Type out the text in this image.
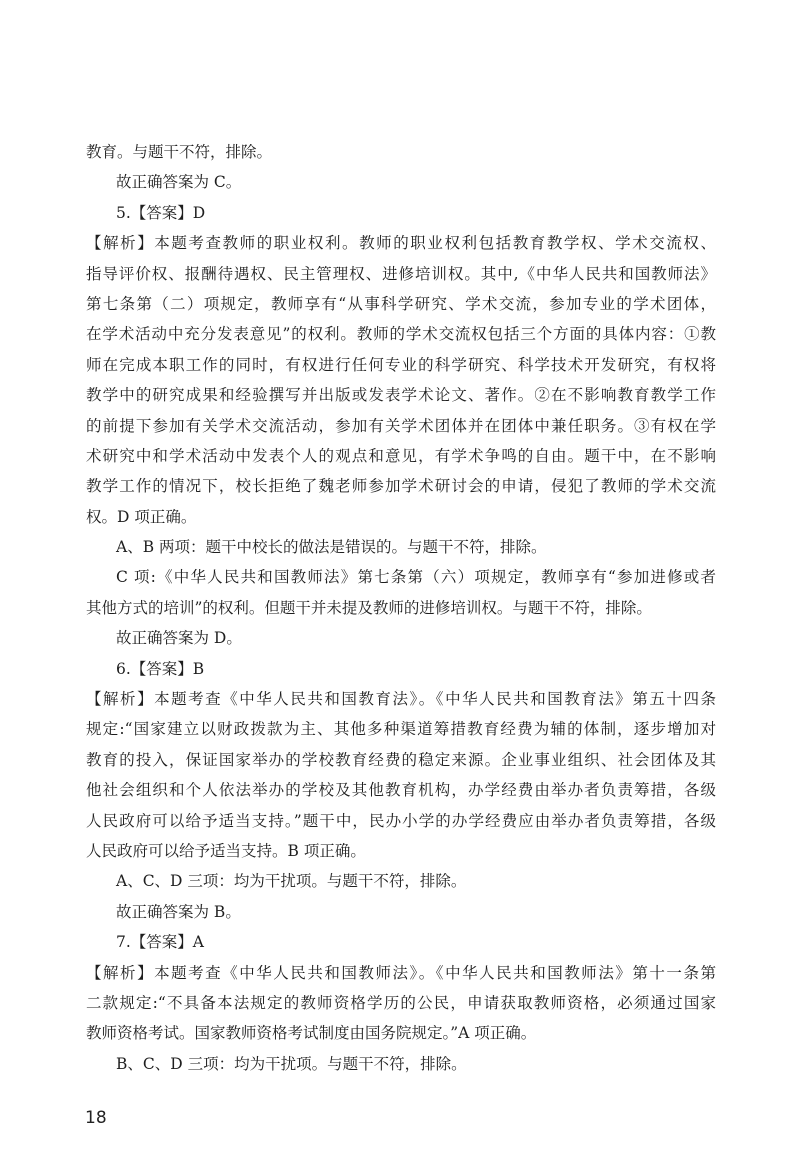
教育。与题干不符，排除。
故正确答案为 C。
5.【答案】D
【解析】本题考查教师的职业权利。教师的职业权利包括教育教学权、学术交流权、
指导评价权、报酬待遇权、民主管理权、进修培训权。其中,《中华人民共和国教师法》
第七条第（二）项规定，教师享有“从事科学研究、学术交流，参加专业的学术团体，
在学术活动中充分发表意见”的权利。教师的学术交流权包括三个方面的具体内容：①教
师在完成本职工作的同时，有权进行任何专业的科学研究、科学技术开发研究，有权将
教学中的研究成果和经验撰写并出版或发表学术论文、著作。②在不影响教育教学工作
的前提下参加有关学术交流活动，参加有关学术团体并在团体中兼任职务。③有权在学
术研究中和学术活动中发表个人的观点和意见，有学术争鸣的自由。题干中，在不影响
教学工作的情况下，校长拒绝了魏老师参加学术研讨会的申请，侵犯了教师的学术交流
权。D 项正确。
A、B 两项：题干中校长的做法是错误的。与题干不符，排除。
C 项:《中华人民共和国教师法》第七条第（六）项规定，教师享有“参加进修或者
其他方式的培训”的权利。但题干并未提及教师的进修培训权。与题干不符，排除。
故正确答案为 D。
6.【答案】B
【解析】本题考查《中华人民共和国教育法》。《中华人民共和国教育法》第五十四条
规定:“国家建立以财政拨款为主、其他多种渠道筹措教育经费为辅的体制，逐步增加对
教育的投入，保证国家举办的学校教育经费的稳定来源。企业事业组织、社会团体及其
他社会组织和个人依法举办的学校及其他教育机构，办学经费由举办者负责筹措，各级
人民政府可以给予适当支持。”题干中，民办小学的办学经费应由举办者负责筹措，各级
人民政府可以给予适当支持。B 项正确。
A、C、D 三项：均为干扰项。与题干不符，排除。
故正确答案为 B。
7.【答案】A
【解析】本题考查《中华人民共和国教师法》。《中华人民共和国教师法》第十一条第
二款规定:“不具备本法规定的教师资格学历的公民，申请获取教师资格，必须通过国家
教师资格考试。国家教师资格考试制度由国务院规定。”A 项正确。
B、C、D 三项：均为干扰项。与题干不符，排除。
18
